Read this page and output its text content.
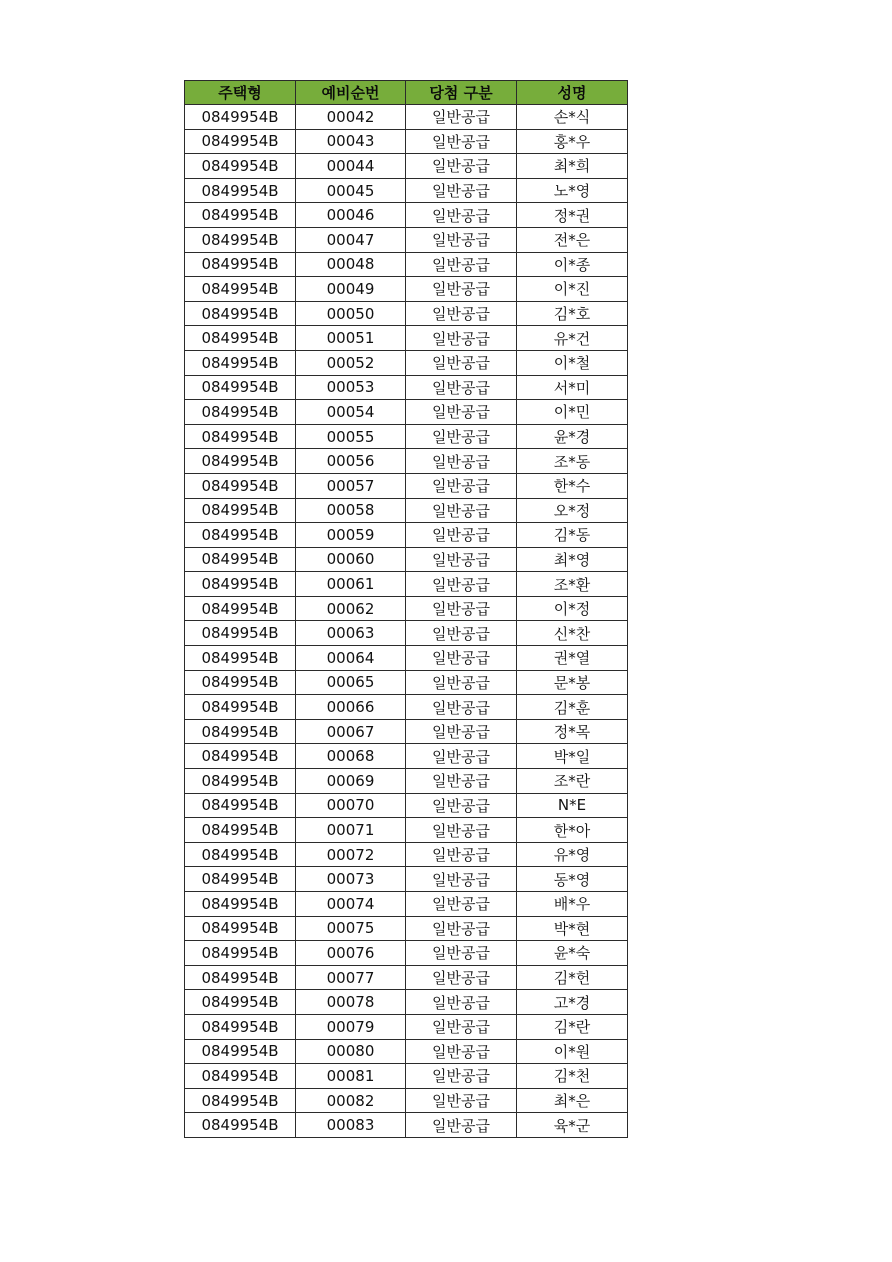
주택형	예비순번	당첨 구분	성명
0849954B	00042	일반공급	손*식
0849954B	00043	일반공급	홍*우
0849954B	00044	일반공급	최*희
0849954B	00045	일반공급	노*영
0849954B	00046	일반공급	정*권
0849954B	00047	일반공급	전*은
0849954B	00048	일반공급	이*종
0849954B	00049	일반공급	이*진
0849954B	00050	일반공급	김*호
0849954B	00051	일반공급	유*건
0849954B	00052	일반공급	이*철
0849954B	00053	일반공급	서*미
0849954B	00054	일반공급	이*민
0849954B	00055	일반공급	윤*경
0849954B	00056	일반공급	조*동
0849954B	00057	일반공급	한*수
0849954B	00058	일반공급	오*정
0849954B	00059	일반공급	김*동
0849954B	00060	일반공급	최*영
0849954B	00061	일반공급	조*환
0849954B	00062	일반공급	이*정
0849954B	00063	일반공급	신*찬
0849954B	00064	일반공급	권*열
0849954B	00065	일반공급	문*봉
0849954B	00066	일반공급	김*훈
0849954B	00067	일반공급	정*목
0849954B	00068	일반공급	박*일
0849954B	00069	일반공급	조*란
0849954B	00070	일반공급	N*E
0849954B	00071	일반공급	한*아
0849954B	00072	일반공급	유*영
0849954B	00073	일반공급	동*영
0849954B	00074	일반공급	배*우
0849954B	00075	일반공급	박*현
0849954B	00076	일반공급	윤*숙
0849954B	00077	일반공급	김*헌
0849954B	00078	일반공급	고*경
0849954B	00079	일반공급	김*란
0849954B	00080	일반공급	이*원
0849954B	00081	일반공급	김*천
0849954B	00082	일반공급	최*은
0849954B	00083	일반공급	육*군
